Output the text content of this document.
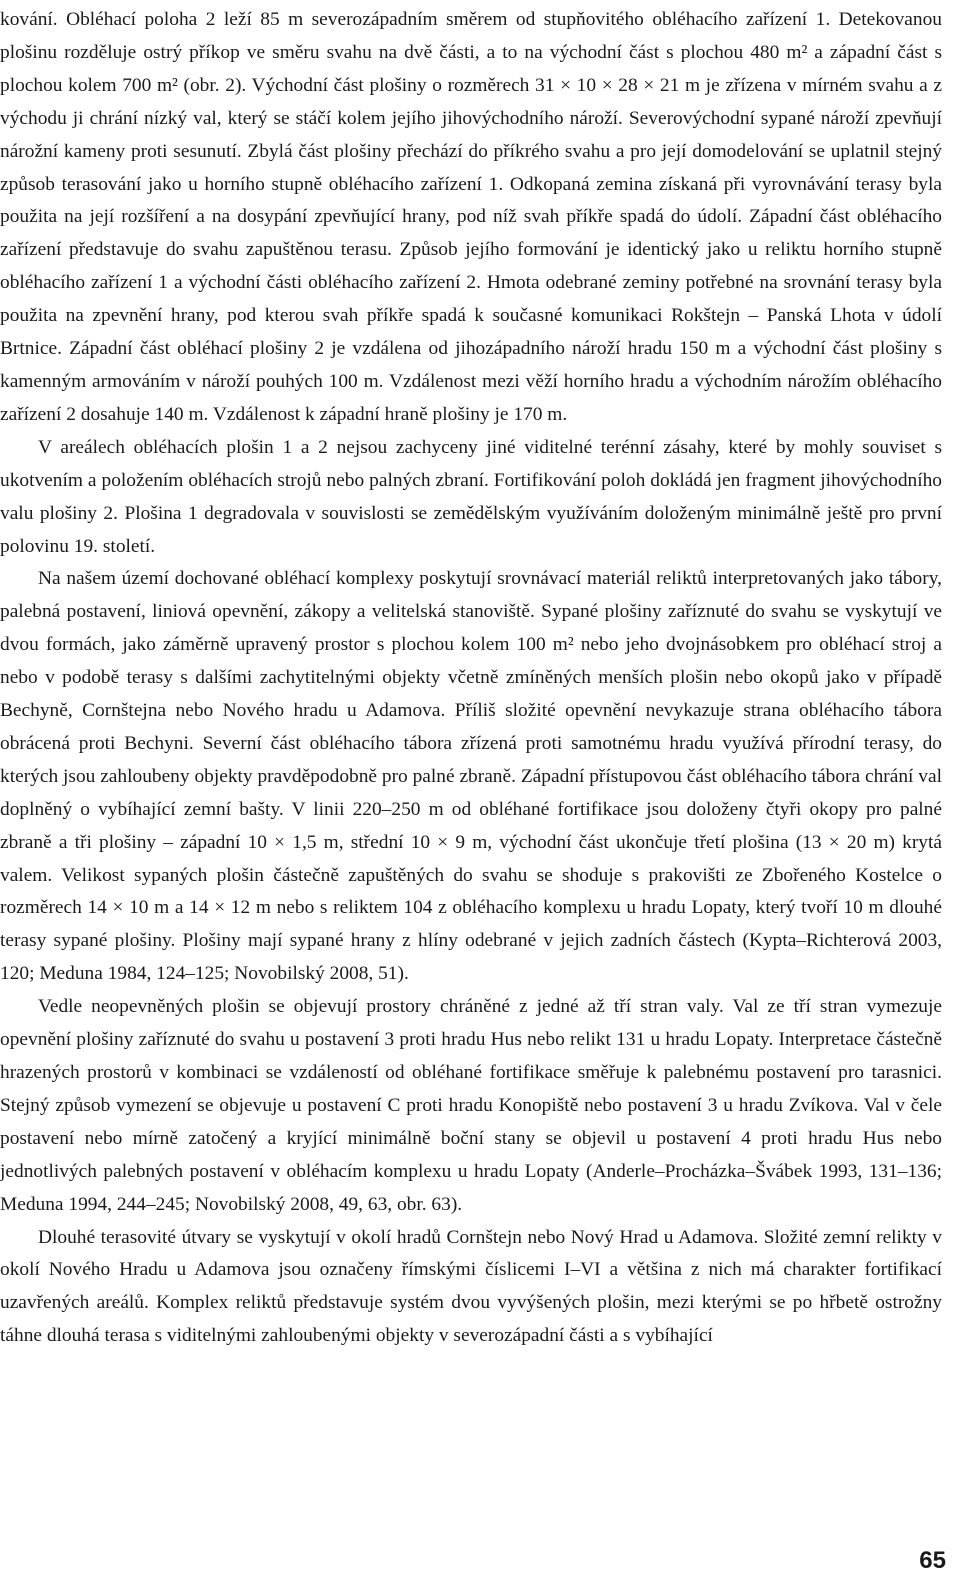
kování. Obléhací poloha 2 leží 85 m severozápadním směrem od stupňovitého obléhacího zařízení 1. Detekovanou plošinu rozděluje ostrý příkop ve směru svahu na dvě části, a to na východní část s plochou 480 m² a západní část s plochou kolem 700 m² (obr. 2). Východní část plošiny o rozměrech 31 × 10 × 28 × 21 m je zřízena v mírném svahu a z východu ji chrání nízký val, který se stáčí kolem jejího jihovýchodního nároží. Severovýchodní sypané nároží zpevňují nárožní kameny proti sesunutí. Zbylá část plošiny přechází do příkrého svahu a pro její domodelování se uplatnil stejný způsob terasování jako u horního stupně obléhacího zařízení 1. Odkopaná zemina získaná při vyrovnávání terasy byla použita na její rozšíření a na dosypání zpevňující hrany, pod níž svah příkře spadá do údolí. Západní část obléhacího zařízení představuje do svahu zapuštěnou terasu. Způsob jejího formování je identický jako u reliktu horního stupně obléhacího zařízení 1 a východní části obléhacího zařízení 2. Hmota odebrané zeminy potřebné na srovnání terasy byla použita na zpevnění hrany, pod kterou svah příkře spadá k současné komunikaci Rokštejn – Panská Lhota v údolí Brtnice. Západní část obléhací plošiny 2 je vzdálena od jihozápadního nároží hradu 150 m a východní část plošiny s kamenným armováním v nároží pouhých 100 m. Vzdálenost mezi věží horního hradu a východním nárožím obléhacího zařízení 2 dosahuje 140 m. Vzdálenost k západní hraně plošiny je 170 m.

V areálech obléhacích plošin 1 a 2 nejsou zachyceny jiné viditelné terénní zásahy, které by mohly souviset s ukotvením a položením obléhacích strojů nebo palných zbraní. Fortifikování poloh dokládá jen fragment jihovýchodního valu plošiny 2. Plošina 1 degradovala v souvislosti se zemědělským využíváním doloženým minimálně ještě pro první polovinu 19. století.

Na našem území dochované obléhací komplexy poskytují srovnávací materiál reliktů interpretovaných jako tábory, palebná postavení, liniová opevnění, zákopy a velitelská stanoviště. Sypané plošiny zaříznuté do svahu se vyskytují ve dvou formách, jako záměrně upravený prostor s plochou kolem 100 m² nebo jeho dvojnásobkem pro obléhací stroj a nebo v podobě terasy s dalšími zachytitelnými objekty včetně zmíněných menších plošin nebo okopů jako v případě Bechyně, Cornštejna nebo Nového hradu u Adamova. Příliš složité opevnění nevykazuje strana obléhacího tábora obrácená proti Bechyni. Severní část obléhacího tábora zřízená proti samotnému hradu využívá přírodní terasy, do kterých jsou zahloubeny objekty pravděpodobně pro palné zbraně. Západní přístupovou část obléhacího tábora chrání val doplněný o vybíhající zemní bašty. V linii 220–250 m od obléhané fortifikace jsou doloženy čtyři okopy pro palné zbraně a tři plošiny – západní 10 × 1,5 m, střední 10 × 9 m, východní část ukončuje třetí plošina (13 × 20 m) krytá valem. Velikost sypaných plošin částečně zapuštěných do svahu se shoduje s prakovišti ze Zbořeného Kostelce o rozměrech 14 × 10 m a 14 × 12 m nebo s reliktem 104 z obléhacího komplexu u hradu Lopaty, který tvoří 10 m dlouhé terasy sypané plošiny. Plošiny mají sypané hrany z hlíny odebrané v jejich zadních částech (Kypta–Richterová 2003, 120; Meduna 1984, 124–125; Novobilský 2008, 51).

Vedle neopevněných plošin se objevují prostory chráněné z jedné až tří stran valy. Val ze tří stran vymezuje opevnění plošiny zaříznuté do svahu u postavení 3 proti hradu Hus nebo relikt 131 u hradu Lopaty. Interpretace částečně hrazených prostorů v kombinaci se vzdáleností od obléhané fortifikace směřuje k palebnému postavení pro tarasnici. Stejný způsob vymezení se objevuje u postavení C proti hradu Konopiště nebo postavení 3 u hradu Zvíkova. Val v čele postavení nebo mírně zatočený a kryjící minimálně boční stany se objevil u postavení 4 proti hradu Hus nebo jednotlivých palebných postavení v obléhacím komplexu u hradu Lopaty (Anderle–Procházka–Švábek 1993, 131–136; Meduna 1994, 244–245; Novobilský 2008, 49, 63, obr. 63).

Dlouhé terasovité útvary se vyskytují v okolí hradů Cornštejn nebo Nový Hrad u Adamova. Složité zemní relikty v okolí Nového Hradu u Adamova jsou označeny římskými číslicemi I–VI a většina z nich má charakter fortifikací uzavřených areálů. Komplex reliktů představuje systém dvou vyvýšených plošin, mezi kterými se po hřbetě ostrožny táhne dlouhá terasa s viditelnými zahloubenými objekty v severozápadní části a s vybíhající

65
